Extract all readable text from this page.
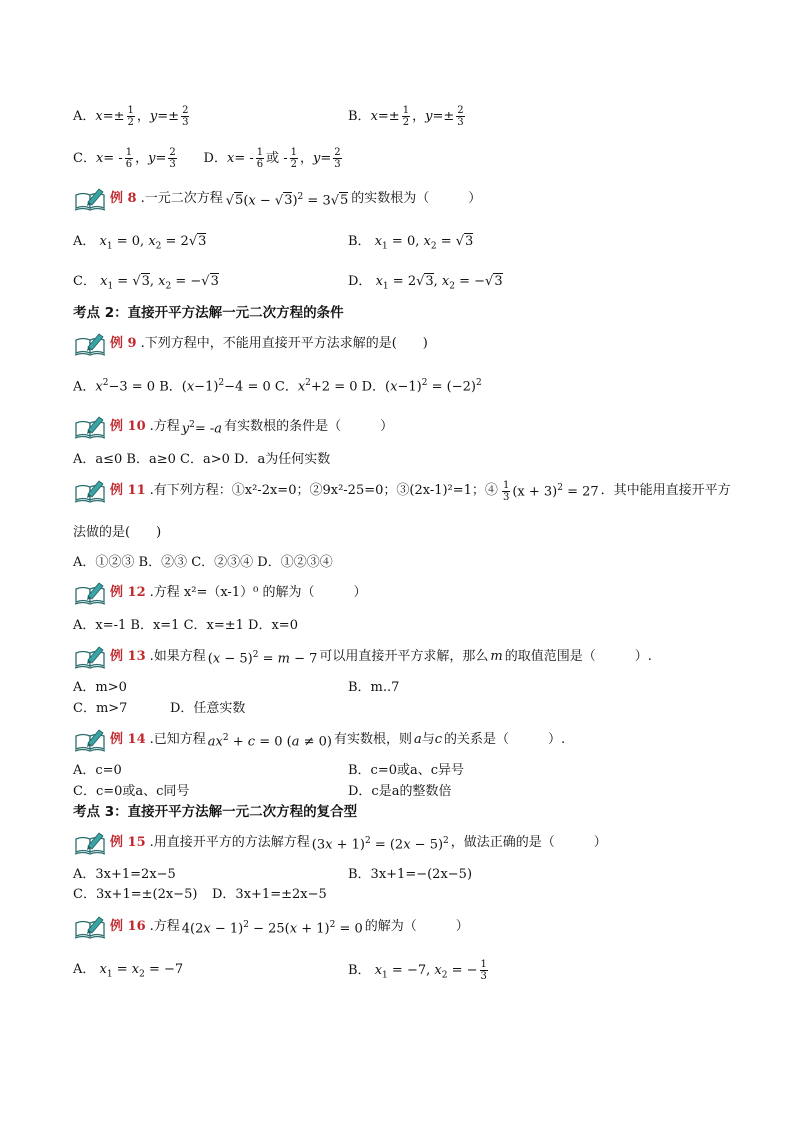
A．$x=\pm \frac{1}{2}$ ，$y=\pm \frac{2}{3}$	B．$x=\pm \frac{1}{2}$ ，$y=\pm \frac{2}{3}$
C．$x= - \frac{1}{6}$ ，$y= \frac{2}{3}$ D．$x= - \frac{1}{6}$ 或 - $\frac{1}{2}$ ，$y= \frac{2}{3}$
例 8 . 一元二次方程 $√5(x - √3)^2 = 3√5$ 的实数根为（　　　）
A． $x_1 = 0$, $x_2 = 2√3$	B． $x_1 = 0$, $x_2 = √3$
C． $x_1 = √3$, $x_2 = -√3$	D． $x_1 = 2√3$, $x_2 = -√3$
考点 2：直接开平方法解一元二次方程的条件
例 9 . 下列方程中，不能用直接开平方法求解的是(　　)
A．$x^2-3 = 0$ B．$(x-1)^2-4 = 0$ C．$x^2+2 = 0$ D．$(x-1)^2 = (-2)^2$
例 10 . 方程 $y^2= -a$ 有实数根的条件是（　　　）
A．a≤0 B．a≥0 C．a>0 D．a为任何实数
例 11 . 有下列方程：①x²-2x=0；②9x²-25=0；③(2x-1)²=1；④ $\frac{1}{3} (x + 3)^2 = 27$ ．其中能用直接开平方
法做的是(　　)
A．①②③ B．②③ C．②③④ D．①②③④
例 12 . 方程 x²=（x-1）⁰ 的解为（　　　）
A．x=-1 B．x=1 C．x=±1 D．x=0
例 13 . 如果方程 $(x - 5)^2 = m - 7$ 可以用直接开平方求解，那么 m 的取值范围是（　　　）.
A．m>0	B．m..7
C．m>7	D．任意实数
例 14 . 已知方程 $ax^2 + c = 0$ (a ≠ 0) 有实数根，则 a与c 的关系是（　　　）.
A．c=0	B．c=0或a、c异号
C．c=0或a、c同号	D．c是a的整数倍
考点 3：直接开平方法解一元二次方程的复合型
例 15 . 用直接开平方的方法解方程 $(3x + 1)^2 = (2x - 5)^2$ ，做法正确的是（　　　）
A．3x+1=2x−5	B．3x+1=−(2x−5)
C．3x+1=±(2x−5) D．3x+1=±2x−5
例 16 . 方程 $4(2x - 1)^2 - 25(x + 1)^2 = 0$ 的解为（　　　）
A． $x_1 = x_2 = -7$	B． $x_1 = -7$, $x_2$ = − $\frac{1}{3}$
